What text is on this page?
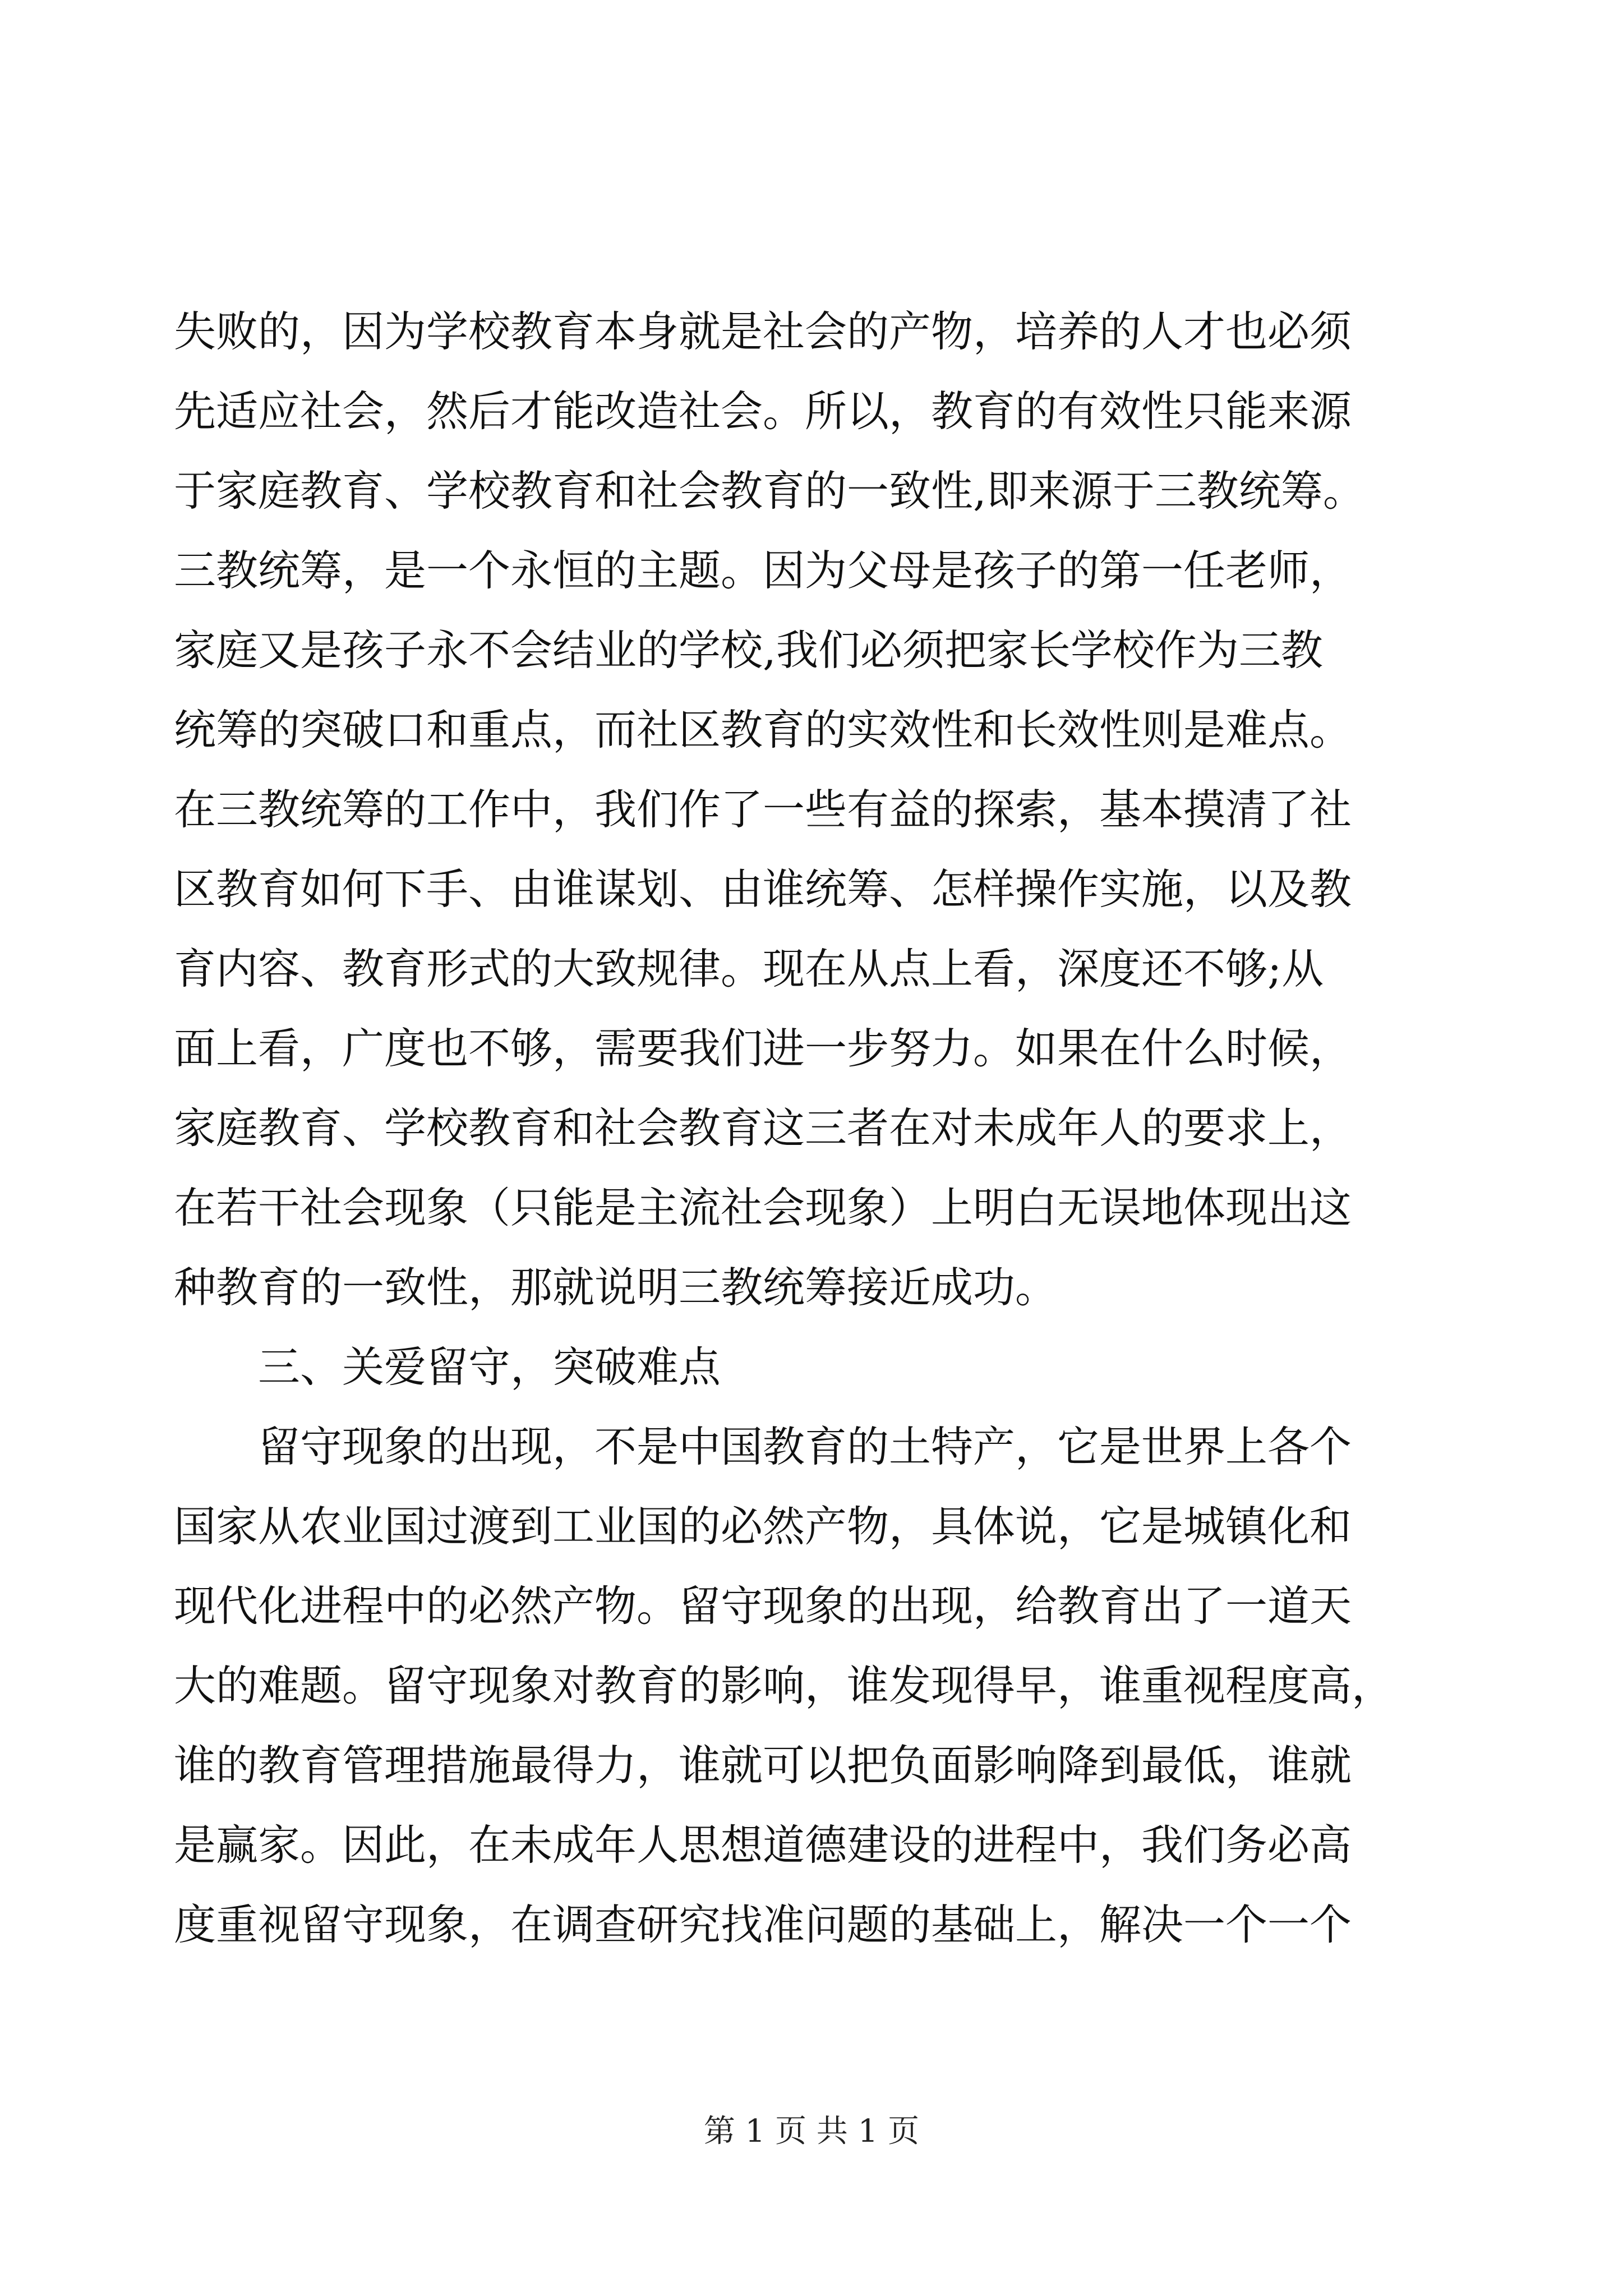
失败的，因为学校教育本身就是社会的产物，培养的人才也必须
先适应社会，然后才能改造社会。所以，教育的有效性只能来源
于家庭教育、学校教育和社会教育的一致性,即来源于三教统筹。
三教统筹，是一个永恒的主题。因为父母是孩子的第一任老师，
家庭又是孩子永不会结业的学校,我们必须把家长学校作为三教
统筹的突破口和重点，而社区教育的实效性和长效性则是难点。
在三教统筹的工作中，我们作了一些有益的探索，基本摸清了社
区教育如何下手、由谁谋划、由谁统筹、怎样操作实施，以及教
育内容、教育形式的大致规律。现在从点上看，深度还不够;从
面上看，广度也不够，需要我们进一步努力。如果在什么时候，
家庭教育、学校教育和社会教育这三者在对未成年人的要求上，
在若干社会现象（只能是主流社会现象）上明白无误地体现出这
种教育的一致性，那就说明三教统筹接近成功。
三、关爱留守，突破难点
留守现象的出现，不是中国教育的土特产，它是世界上各个
国家从农业国过渡到工业国的必然产物，具体说，它是城镇化和
现代化进程中的必然产物。留守现象的出现，给教育出了一道天
大的难题。留守现象对教育的影响，谁发现得早，谁重视程度高，
谁的教育管理措施最得力，谁就可以把负面影响降到最低，谁就
是赢家。因此，在未成年人思想道德建设的进程中，我们务必高
度重视留守现象，在调查研究找准问题的基础上，解决一个一个
第 1 页 共 1 页
